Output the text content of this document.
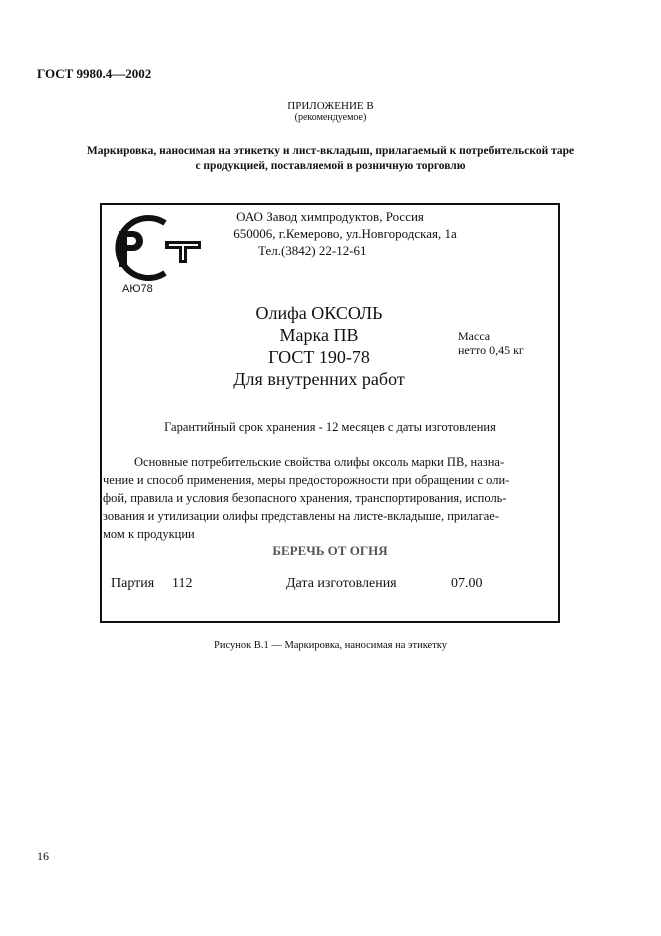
ГОСТ 9980.4—2002
ПРИЛОЖЕНИЕ В
(рекомендуемое)
Маркировка, наносимая на этикетку и лист-вкладыш, прилагаемый к потребительской таре
с продукцией, поставляемой в розничную торговлю
АЮ78
ОАО Завод химпродуктов, Россия
650006, г.Кемерово, ул.Новгородская, 1а
Тел.(3842) 22-12-61
Олифа ОКСОЛЬ
Марка ПВ
ГОСТ 190-78
Для внутренних работ
Масса
нетто 0,45 кг
Гарантийный срок хранения - 12 месяцев с даты изготовления
Основные потребительские свойства олифы оксоль марки ПВ, назна-
чение и способ применения, меры предосторожности при обращении с оли-
фой, правила и условия безопасного хранения, транспортирования, исполь-
зования и утилизации олифы представлены на листе-вкладыше, прилагае-
мом к продукции
БЕРЕЧЬ ОТ ОГНЯ
Партия 112	Дата изготовления	07.00
Рисунок В.1 — Маркировка, наносимая на этикетку
16
